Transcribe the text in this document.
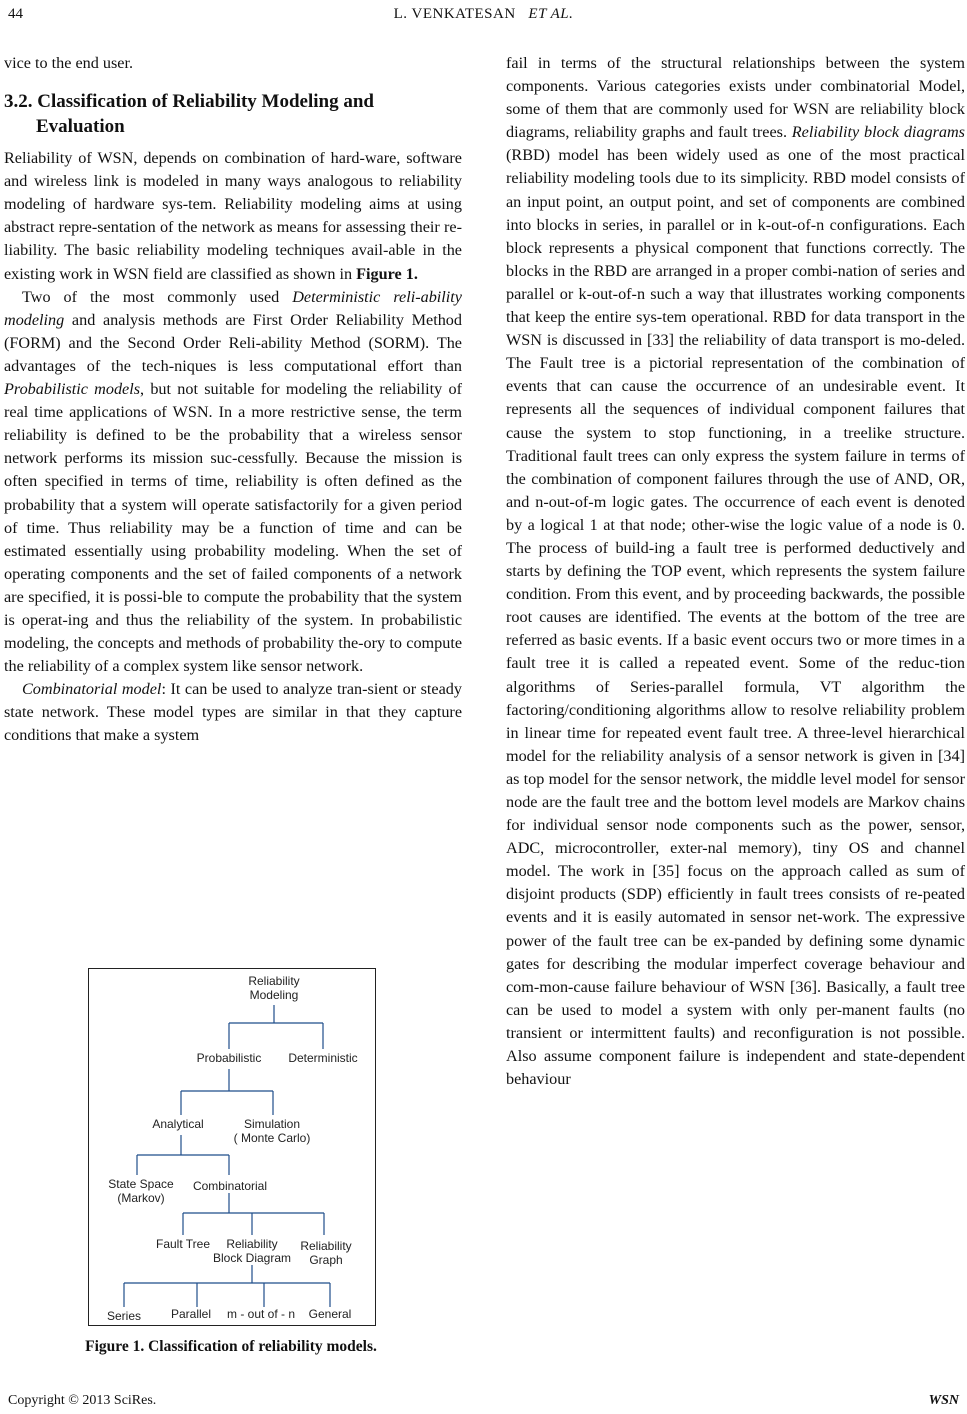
44	L. VENKATESAN ET AL.

vice to the end user.

3.2. Classification of Reliability Modeling and Evaluation

Reliability of WSN, depends on combination of hard-ware, software and wireless link is modeled in many ways analogous to reliability modeling of hardware sys-tem. Reliability modeling aims at using abstract repre-sentation of the network as means for assessing their re-liability. The basic reliability modeling techniques avail-able in the existing work in WSN field are classified as shown in Figure 1.

Two of the most commonly used Deterministic reli-ability modeling and analysis methods are First Order Reliability Method (FORM) and the Second Order Reli-ability Method (SORM). The advantages of the tech-niques is less computational effort than Probabilistic models, but not suitable for modeling the reliability of real time applications of WSN. In a more restrictive sense, the term reliability is defined to be the probability that a wireless sensor network performs its mission suc-cessfully. Because the mission is often specified in terms of time, reliability is often defined as the probability that a system will operate satisfactorily for a given period of time. Thus reliability may be a function of time and can be estimated essentially using probability modeling. When the set of operating components and the set of failed components of a network are specified, it is possi-ble to compute the probability that the system is operat-ing and thus the reliability of the system. In probabilistic modeling, the concepts and methods of probability the-ory to compute the reliability of a complex system like sensor network.

Combinatorial model: It can be used to analyze tran-sient or steady state network. These model types are similar in that they capture conditions that make a system

Reliability
Modeling
Probabilistic Deterministic
Analytical	Simulation
( Monte Carlo)
State Space
(Markov)
Combinatorial
Fault Tree Reliability
Block Diagram
Reliability
Graph
Series Parallel m - out of - n General
Figure 1. Classification of reliability models.

fail in terms of the structural relationships between the system components. Various categories exists under combinatorial Model, some of them that are commonly used for WSN are reliability block diagrams, reliability graphs and fault trees. Reliability block diagrams (RBD) model has been widely used as one of the most practical reliability modeling tools due to its simplicity. RBD model consists of an input point, an output point, and set of components are combined into blocks in series, in parallel or in k-out-of-n configurations. Each block represents a physical component that functions correctly. The blocks in the RBD are arranged in a proper combi-nation of series and parallel or k-out-of-n such a way that illustrates working components that keep the entire sys-tem operational. RBD for data transport in the WSN is discussed in [33] the reliability of data transport is mo-deled. The Fault tree is a pictorial representation of the combination of events that can cause the occurrence of an undesirable event. It represents all the sequences of individual component failures that cause the system to stop functioning, in a treelike structure. Traditional fault trees can only express the system failure in terms of the combination of component failures through the use of AND, OR, and n-out-of-m logic gates. The occurrence of each event is denoted by a logical 1 at that node; other-wise the logic value of a node is 0. The process of build-ing a fault tree is performed deductively and starts by defining the TOP event, which represents the system failure condition. From this event, and by proceeding backwards, the possible root causes are identified. The events at the bottom of the tree are referred as basic events. If a basic event occurs two or more times in a fault tree it is called a repeated event. Some of the reduc-tion algorithms of Series-parallel formula, VT algorithm the factoring/conditioning algorithms allow to resolve reliability problem in linear time for repeated event fault tree. A three-level hierarchical model for the reliability analysis of a sensor network is given in [34] as top model for the sensor network, the middle level model for sensor node are the fault tree and the bottom level models are Markov chains for individual sensor node components such as the power, sensor, ADC, microcontroller, exter-nal memory), tiny OS and channel model. The work in [35] focus on the approach called as sum of disjoint products (SDP) efficiently in fault trees consists of re-peated events and it is easily automated in sensor net-work. The expressive power of the fault tree can be ex-panded by defining some dynamic gates for describing the modular imperfect coverage behaviour and com-mon-cause failure behaviour of WSN [36]. Basically, a fault tree can be used to model a system with only per-manent faults (no transient or intermittent faults) and reconfiguration is not possible. Also assume component failure is independent and state-dependent behaviour

Copyright © 2013 SciRes.	WSN
